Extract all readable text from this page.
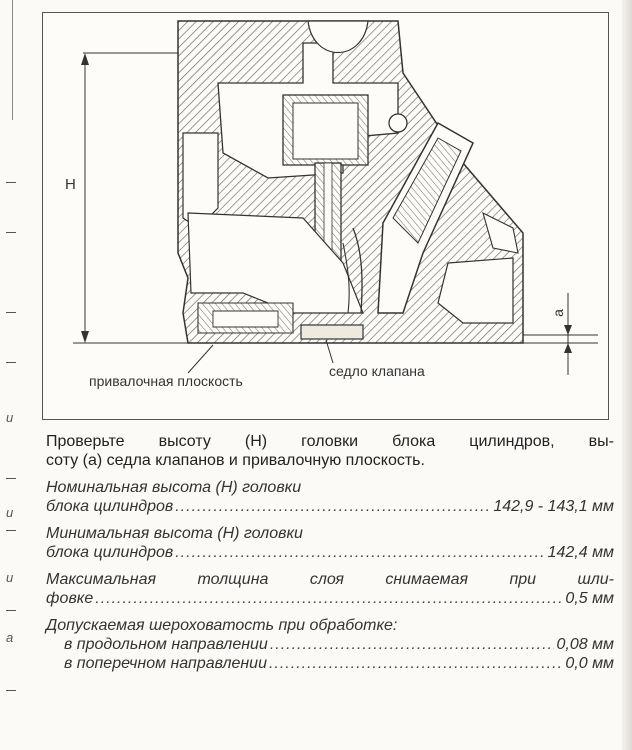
и
и
и
а
H
a
привалочная плоскость
седло клапана

Проверьте высоту (H) головки блока цилиндров, вы-
соту (а) седла клапанов и привалочную плоскость.

Номинальная высота (H) головки
блока цилиндров .....	142,9 - 143,1 мм
Минимальная высота (H) головки
блока цилиндров .....	142,4 мм
Максимальная толщина слоя снимаемая при шли-
фовке .....	0,5 мм
Допускаемая шероховатость при обработке:
в продольном направлении .....	0,08 мм
в поперечном направлении .....	0,0 мм
